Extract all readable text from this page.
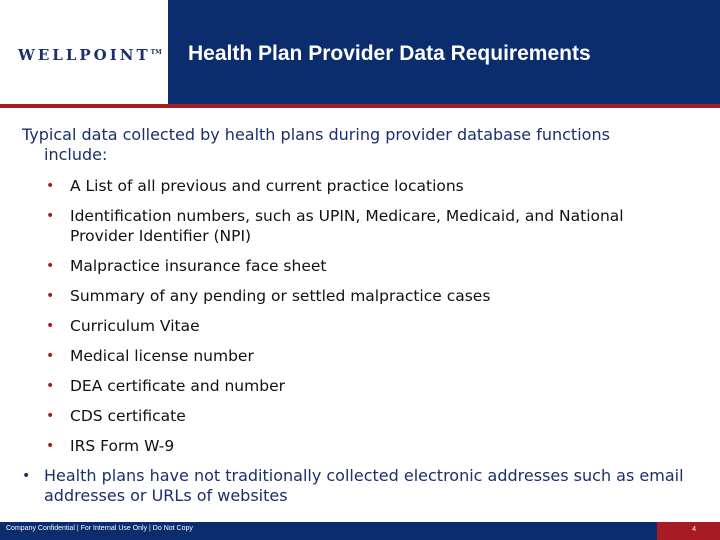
WELLPOINT™ Health Plan Provider Data Requirements
Typical data collected by health plans during provider database functions
include:
• A List of all previous and current practice locations
• Identification numbers, such as UPIN, Medicare, Medicaid, and National Provider Identifier (NPI)
• Malpractice insurance face sheet
• Summary of any pending or settled malpractice cases
• Curriculum Vitae
• Medical license number
• DEA certificate and number
• CDS certificate
• IRS Form W-9
• Health plans have not traditionally collected electronic addresses such as email addresses or URLs of websites
Company Confidential | For Internal Use Only | Do Not Copy	4
